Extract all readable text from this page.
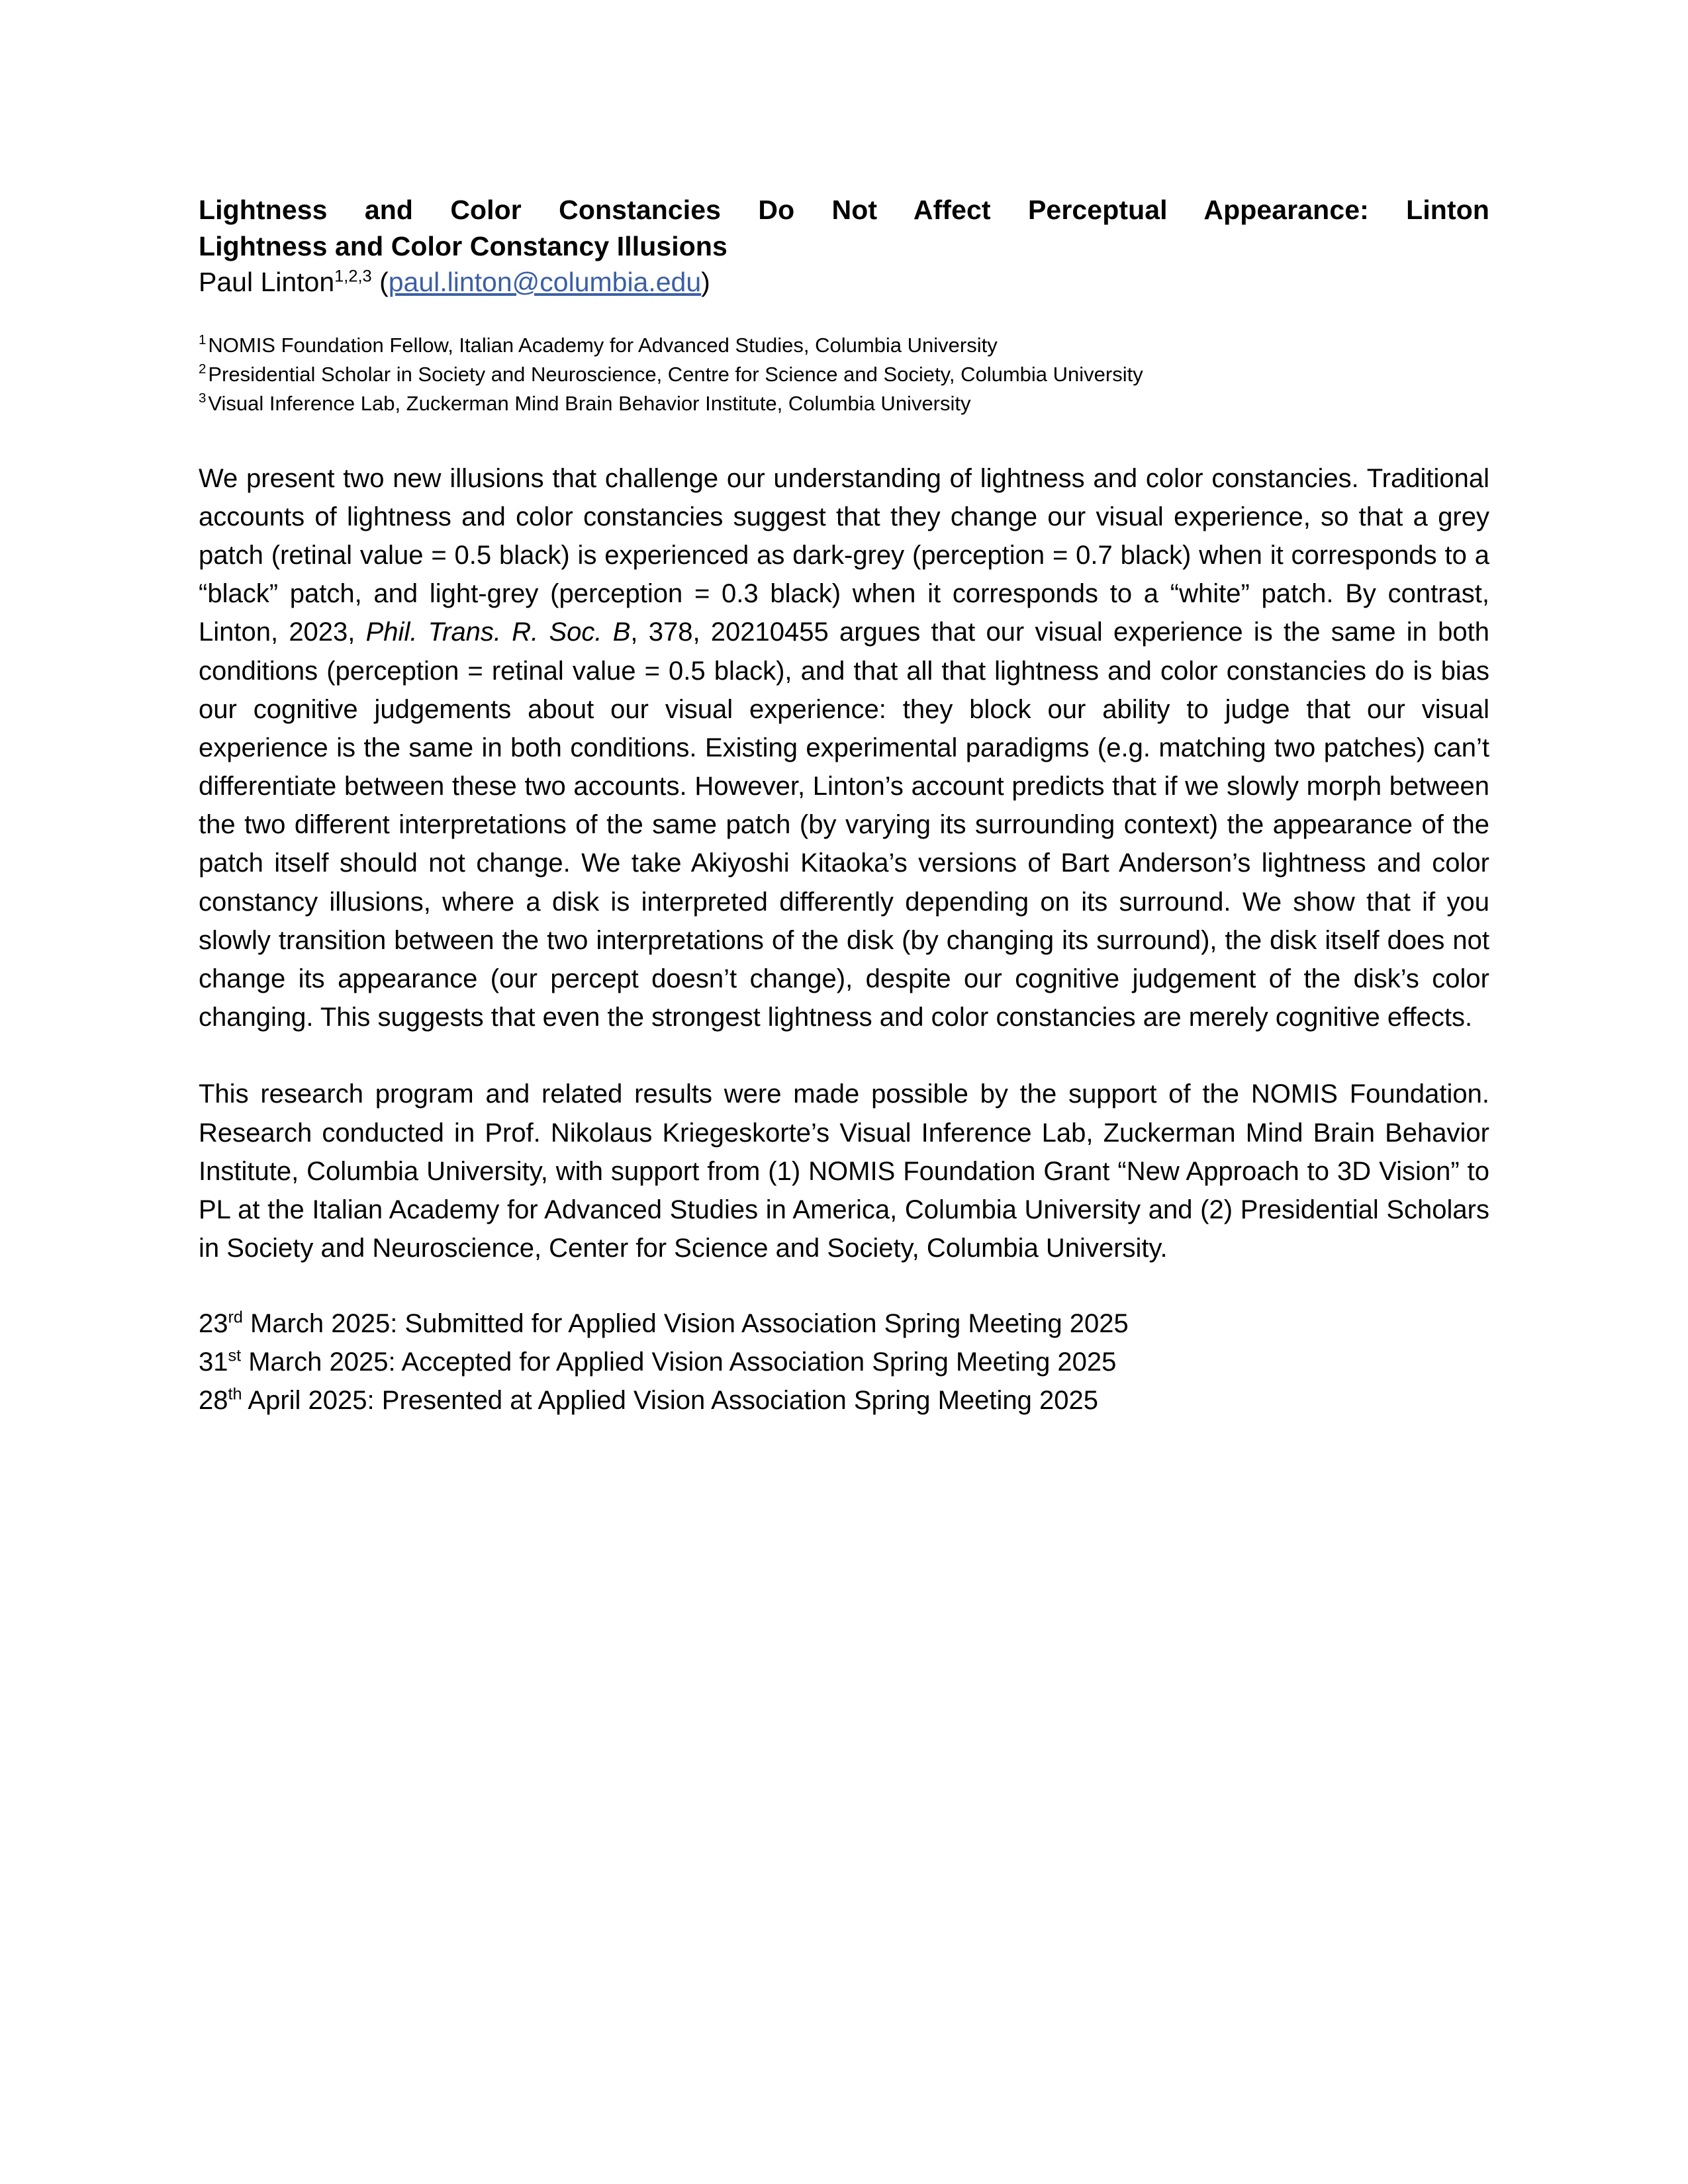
Lightness and Color Constancies Do Not Affect Perceptual Appearance: Linton
Lightness and Color Constancy Illusions
Paul Linton$^{1,2,3}$ (paul.linton@columbia.edu)

$^1$NOMIS Foundation Fellow, Italian Academy for Advanced Studies, Columbia University

$^2$Presidential Scholar in Society and Neuroscience, Centre for Science and Society, Columbia University

$^3$Visual Inference Lab, Zuckerman Mind Brain Behavior Institute, Columbia University

We present two new illusions that challenge our understanding of lightness and color constancies. Traditional accounts of lightness and color constancies suggest that they change our visual experience, so that a grey patch (retinal value = 0.5 black) is experienced as dark-grey (perception = 0.7 black) when it corresponds to a “black” patch, and light-grey (perception = 0.3 black) when it corresponds to a “white” patch. By contrast, Linton, 2023, Phil. Trans. R. Soc. B, 378, 20210455 argues that our visual experience is the same in both conditions (perception = retinal value = 0.5 black), and that all that lightness and color constancies do is bias our cognitive judgements about our visual experience: they block our ability to judge that our visual experience is the same in both conditions. Existing experimental paradigms (e.g. matching two patches) can’t differentiate between these two accounts. However, Linton’s account predicts that if we slowly morph between the two different interpretations of the same patch (by varying its surrounding context) the appearance of the patch itself should not change. We take Akiyoshi Kitaoka’s versions of Bart Anderson’s lightness and color constancy illusions, where a disk is interpreted differently depending on its surround. We show that if you slowly transition between the two interpretations of the disk (by changing its surround), the disk itself does not change its appearance (our percept doesn’t change), despite our cognitive judgement of the disk’s color changing. This suggests that even the strongest lightness and color constancies are merely cognitive effects.

This research program and related results were made possible by the support of the NOMIS Foundation. Research conducted in Prof. Nikolaus Kriegeskorte’s Visual Inference Lab, Zuckerman Mind Brain Behavior Institute, Columbia University, with support from (1) NOMIS Foundation Grant “New Approach to 3D Vision” to PL at the Italian Academy for Advanced Studies in America, Columbia University and (2) Presidential Scholars in Society and Neuroscience, Center for Science and Society, Columbia University.

23rd March 2025: Submitted for Applied Vision Association Spring Meeting 2025

31st March 2025: Accepted for Applied Vision Association Spring Meeting 2025

28th April 2025: Presented at Applied Vision Association Spring Meeting 2025
